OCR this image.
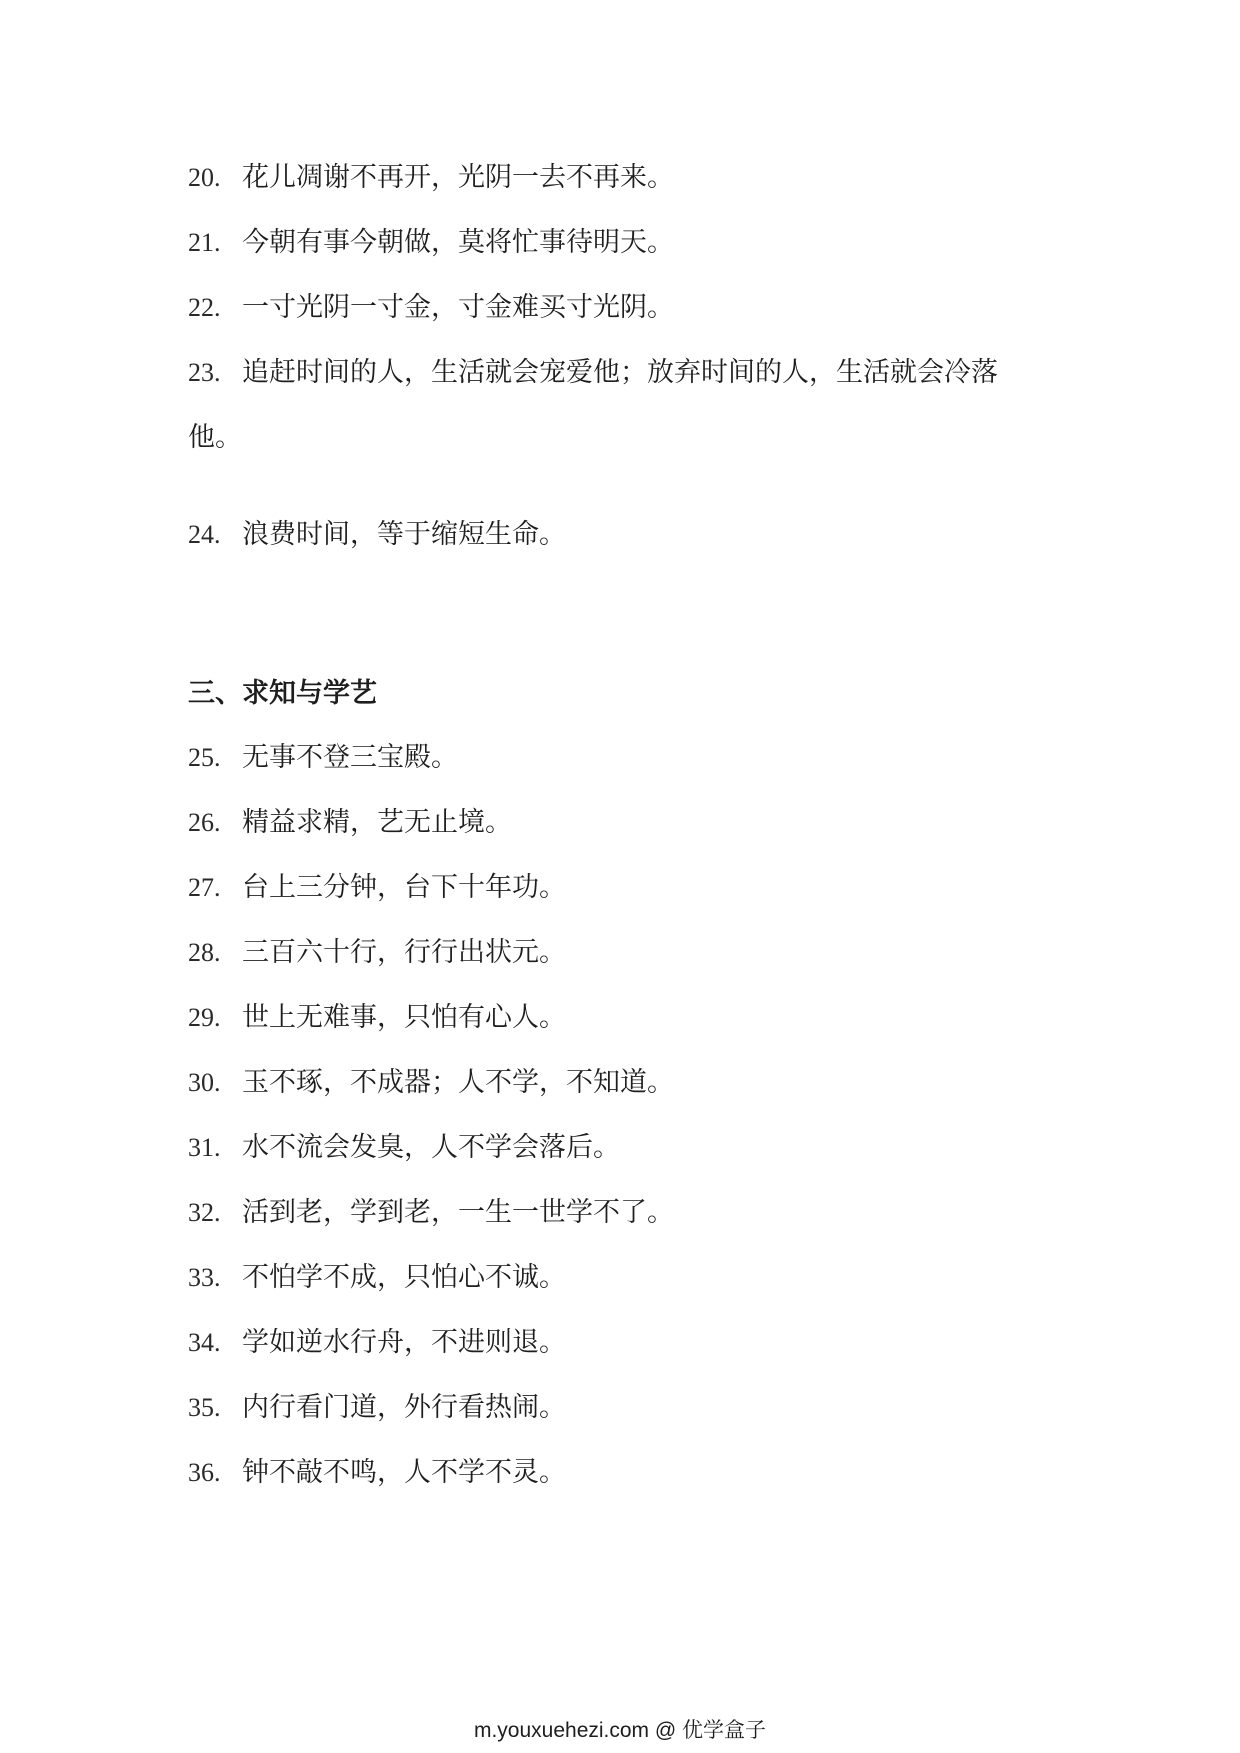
20. 花儿凋谢不再开，光阴一去不再来。
21. 今朝有事今朝做，莫将忙事待明天。
22. 一寸光阴一寸金，寸金难买寸光阴。
23. 追赶时间的人，生活就会宠爱他；放弃时间的人，生活就会冷落
他。
24. 浪费时间，等于缩短生命。
三、求知与学艺
25. 无事不登三宝殿。
26. 精益求精，艺无止境。
27. 台上三分钟，台下十年功。
28. 三百六十行，行行出状元。
29. 世上无难事，只怕有心人。
30. 玉不琢，不成器；人不学，不知道。
31. 水不流会发臭，人不学会落后。
32. 活到老，学到老，一生一世学不了。
33. 不怕学不成，只怕心不诚。
34. 学如逆水行舟，不进则退。
35. 内行看门道，外行看热闹。
36. 钟不敲不鸣，人不学不灵。
m.youxuehezi.com @ 优学盒子
